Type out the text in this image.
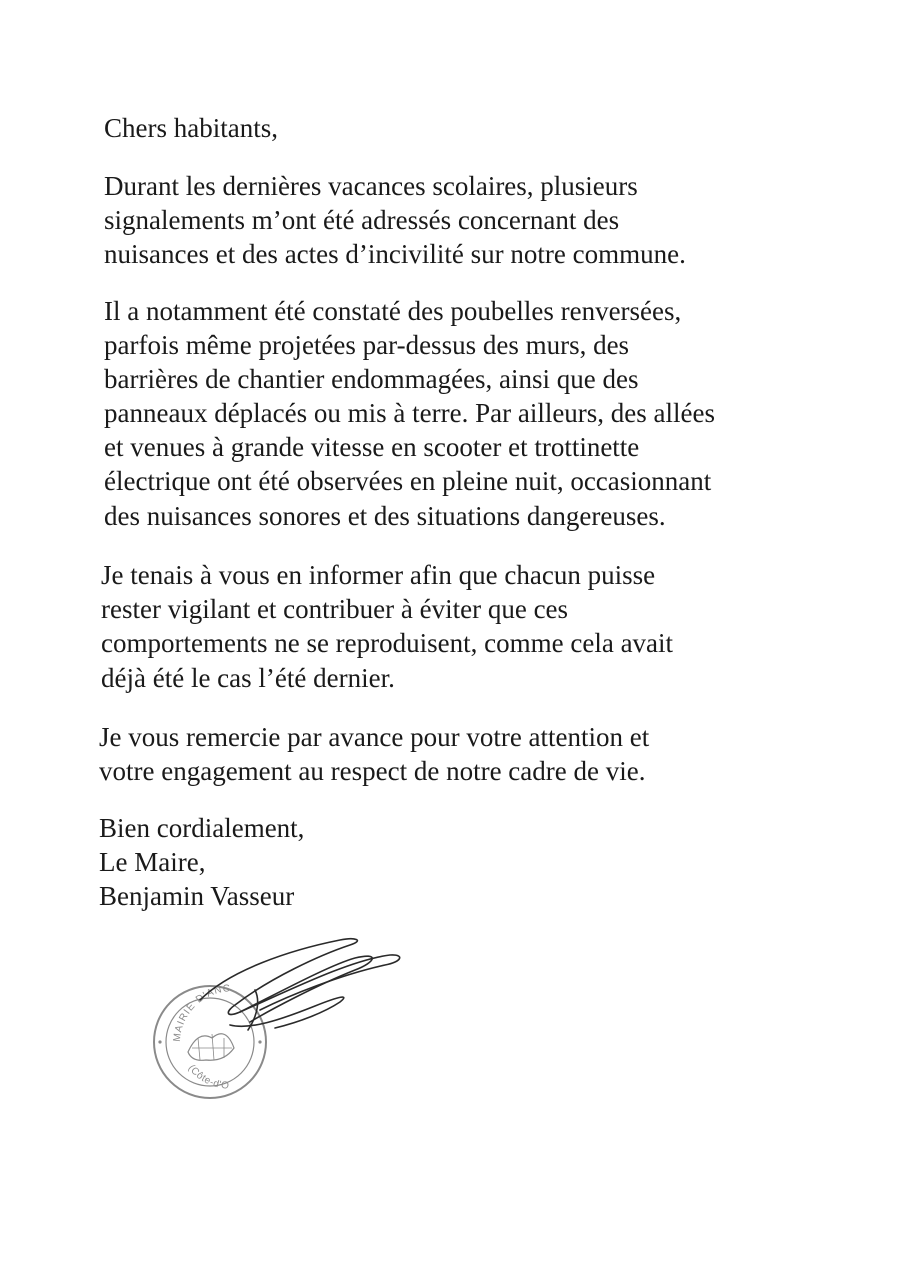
Chers habitants,
Durant les dernières vacances scolaires, plusieurs
signalements m’ont été adressés concernant des
nuisances et des actes d’incivilité sur notre commune.
Il a notamment été constaté des poubelles renversées,
parfois même projetées par-dessus des murs, des
barrières de chantier endommagées, ainsi que des
panneaux déplacés ou mis à terre. Par ailleurs, des allées
et venues à grande vitesse en scooter et trottinette
électrique ont été observées en pleine nuit, occasionnant
des nuisances sonores et des situations dangereuses.
Je tenais à vous en informer afin que chacun puisse
rester vigilant et contribuer à éviter que ces
comportements ne se reproduisent, comme cela avait
déjà été le cas l’été dernier.
Je vous remercie par avance pour votre attention et
votre engagement au respect de notre cadre de vie.
Bien cordialement,
Le Maire,
Benjamin Vasseur
MAIRIE D'ANC
(Côte-d'O
